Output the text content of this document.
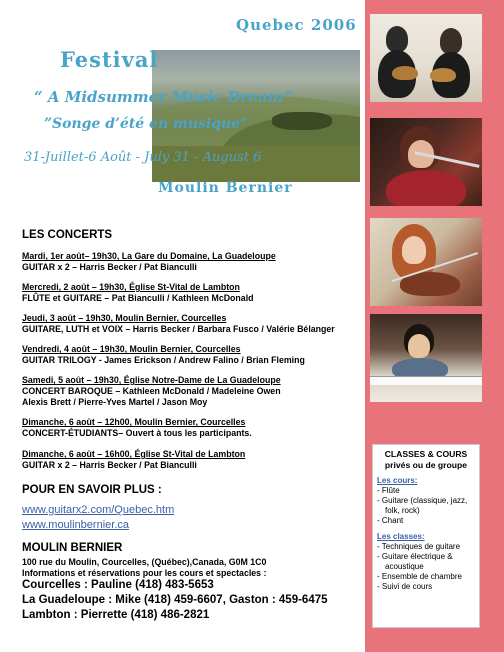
Quebec 2006
Festival
“ A Midsummer Music Dream”
”Songe d’été en musique”
31-Juillet-6 Août - July 31 - August 6
Moulin Bernier
LES CONCERTS
Mardi, 1er août– 19h30, La Gare du Domaine, La Guadeloupe
GUITAR x 2 – Harris Becker / Pat Bianculli
Mercredi, 2 août – 19h30, Église St-Vital de Lambton
FLÛTE et GUITARE – Pat Bianculli / Kathleen McDonald
Jeudi, 3 août – 19h30, Moulin Bernier, Courcelles
GUITARE, LUTH et VOIX – Harris Becker / Barbara Fusco / Valérie Bélanger
Vendredi, 4 août – 19h30, Moulin Bernier, Courcelles
GUITAR TRILOGY - James Erickson / Andrew Falino / Brian Fleming
Samedi, 5 août – 19h30, Église Notre-Dame de La Guadeloupe
CONCERT BAROQUE – Kathleen McDonald / Madeleine Owen
Alexis Brett / Pierre-Yves Martel / Jason Moy
Dimanche, 6 août – 12h00, Moulin Bernier, Courcelles
CONCERT-ÉTUDIANTS– Ouvert à tous les participants.
Dimanche, 6 août – 16h00, Église St-Vital de Lambton
GUITAR x 2 – Harris Becker / Pat Bianculli
POUR EN SAVOIR PLUS :
www.guitarx2.com/Quebec.htm
www.moulinbernier.ca
MOULIN BERNIER
100 rue du Moulin, Courcelles, (Québec),Canada, G0M 1C0
Informations et réservations pour les cours et spectacles :
Courcelles : Pauline (418) 483-5653
La Guadeloupe : Mike (418) 459-6607, Gaston : 459-6475
Lambton : Pierrette (418) 486-2821
CLASSES & COURS
privés ou de groupe
Les cours:
- Flûte
- Guitare (classique, jazz, folk, rock)
- Chant
Les classes:
- Techniques de guitare
- Guitare électrique & acoustique
- Ensemble de chambre
- Suivi de cours
